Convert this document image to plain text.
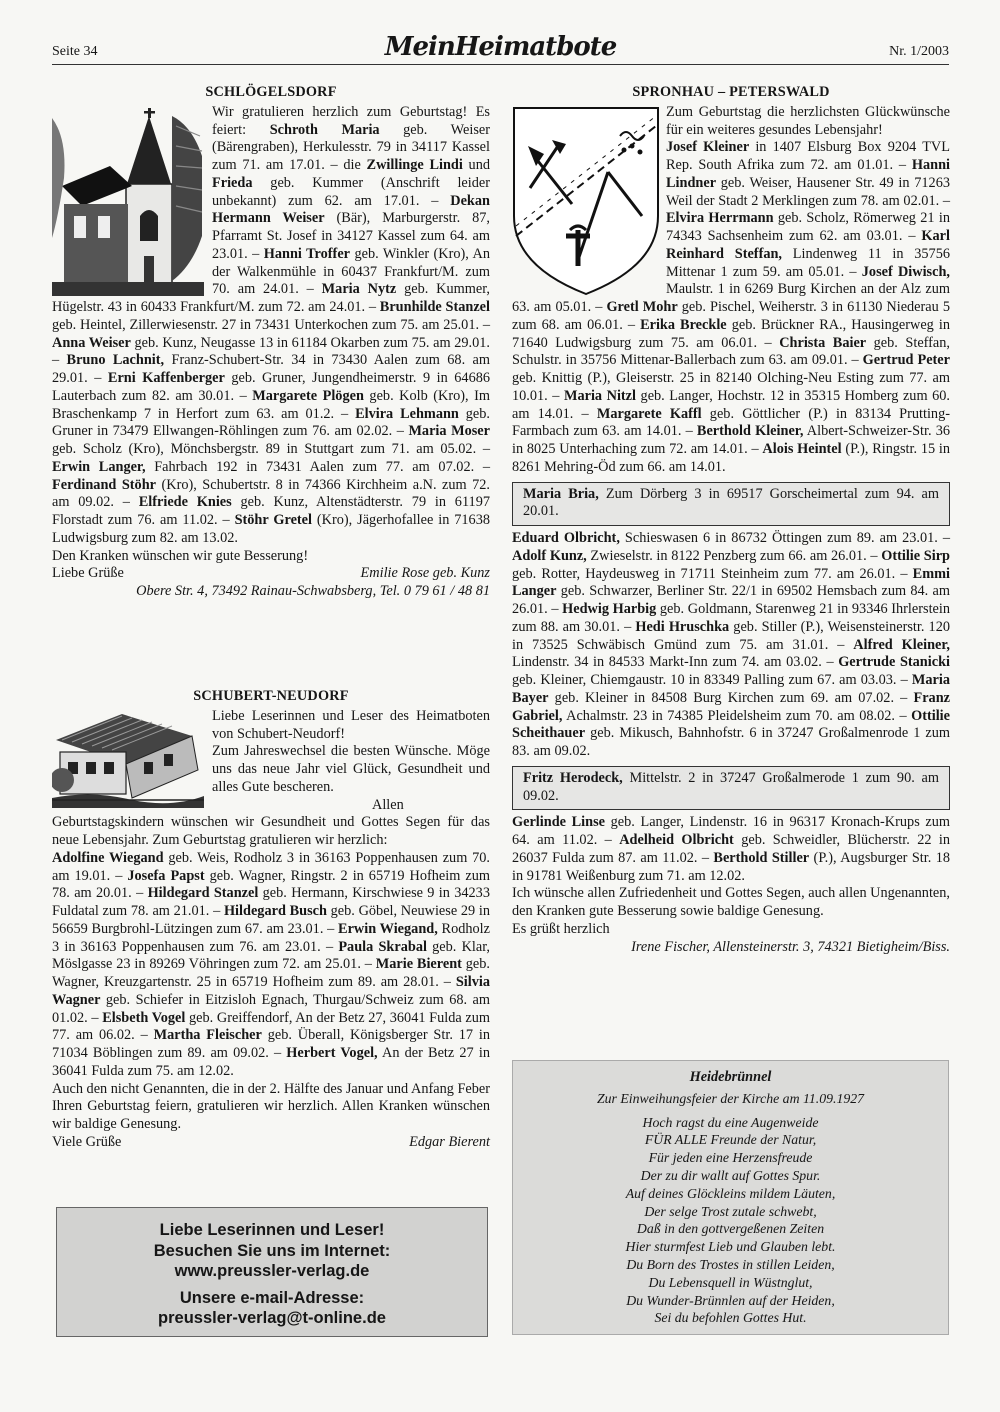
Seite 34	MeinHeimatbote	Nr. 1/2003
SCHLÖGELSDORF

Wir gratulieren herzlich zum Geburtstag! Es feiert: Schroth Maria geb. Weiser (Bärengraben), Herkulesstr. 79 in 34117 Kassel zum 71. am 17.01. – die Zwillinge Lindi und Frieda geb. Kummer (Anschrift leider unbekannt) zum 62. am 17.01. – Dekan Hermann Weiser (Bär), Marburgerstr. 87, Pfarramt St. Josef in 34127 Kassel zum 64. am 23.01. – Hanni Troffer geb. Winkler (Kro), An der Walkenmühle in 60437 Frankfurt/M. zum 70. am 24.01. – Maria Nytz geb. Kummer, Hügelstr. 43 in 60433 Frankfurt/M. zum 72. am 24.01. – Brunhilde Stanzel geb. Heintel, Zillerwiesenstr. 27 in 73431 Unterkochen zum 75. am 25.01. – Anna Weiser geb. Kunz, Neugasse 13 in 61184 Okarben zum 75. am 29.01. – Bruno Lachnit, Franz-Schubert-Str. 34 in 73430 Aalen zum 68. am 29.01. – Erni Kaffenberger geb. Gruner, Jungendheimerstr. 9 in 64686 Lauterbach zum 82. am 30.01. – Margarete Plögen geb. Kolb (Kro), Im Braschenkamp 7 in Herfort zum 63. am 01.2. – Elvira Lehmann geb. Gruner in 73479 Ellwangen-Röhlingen zum 76. am 02.02. – Maria Moser geb. Scholz (Kro), Mönchsbergstr. 89 in Stuttgart zum 71. am 05.02. – Erwin Langer, Fahrbach 192 in 73431 Aalen zum 77. am 07.02. – Ferdinand Stöhr (Kro), Schubertstr. 8 in 74366 Kirchheim a.N. zum 72. am 09.02. – Elfriede Knies geb. Kunz, Altenstädterstr. 79 in 61197 Florstadt zum 76. am 11.02. – Stöhr Gretel (Kro), Jägerhofallee in 71638 Ludwigsburg zum 82. am 13.02.

Den Kranken wünschen wir gute Besserung!

Liebe Grüße	Emilie Rose geb. Kunz
Obere Str. 4, 73492 Rainau-Schwabsberg, Tel. 0 79 61 / 48 81
SCHUBERT-NEUDORF

Liebe Leserinnen und Leser des Heimatboten von Schubert-Neudorf!

Zum Jahreswechsel die besten Wünsche. Möge uns das neue Jahr viel Glück, Gesundheit und alles Gute bescheren.

Allen Geburtstagskindern wünschen wir Gesundheit und Gottes Segen für das neue Lebensjahr. Zum Geburtstag gratulieren wir herzlich:

Adolfine Wiegand geb. Weis, Rodholz 3 in 36163 Poppenhausen zum 70. am 19.01. – Josefa Papst geb. Wagner, Ringstr. 2 in 65719 Hofheim zum 78. am 20.01. – Hildegard Stanzel geb. Hermann, Kirschwiese 9 in 34233 Fuldatal zum 78. am 21.01. – Hildegard Busch geb. Göbel, Neuwiese 29 in 56659 Burgbrohl-Lützingen zum 67. am 23.01. – Erwin Wiegand, Rodholz 3 in 36163 Poppenhausen zum 76. am 23.01. – Paula Skrabal geb. Klar, Möslgasse 23 in 89269 Vöhringen zum 72. am 25.01. – Marie Bierent geb. Wagner, Kreuzgartenstr. 25 in 65719 Hofheim zum 89. am 28.01. – Silvia Wagner geb. Schiefer in Eitzisloh Egnach, Thurgau/Schweiz zum 68. am 01.02. – Elsbeth Vogel geb. Greiffendorf, An der Betz 27, 36041 Fulda zum 77. am 06.02. – Martha Fleischer geb. Überall, Königsberger Str. 17 in 71034 Böblingen zum 89. am 09.02. – Herbert Vogel, An der Betz 27 in 36041 Fulda zum 75. am 12.02.

Auch den nicht Genannten, die in der 2. Hälfte des Januar und Anfang Feber Ihren Geburtstag feiern, gratulieren wir herzlich. Allen Kranken wünschen wir baldige Genesung.

Viele Grüße	Edgar Bierent
Liebe Leserinnen und Leser!
Besuchen Sie uns im Internet:
www.preussler-verlag.de
Unsere e-mail-Adresse:
preussler-verlag@t-online.de
SPRONHAU – PETERSWALD

Zum Geburtstag die herzlichsten Glückwünsche für ein weiteres gesundes Lebensjahr!

Josef Kleiner in 1407 Elsburg Box 9204 TVL Rep. South Afrika zum 72. am 01.01. – Hanni Lindner geb. Weiser, Hausener Str. 49 in 71263 Weil der Stadt 2 Merklingen zum 78. am 02.01. – Elvira Herrmann geb. Scholz, Römerweg 21 in 74343 Sachsenheim zum 62. am 03.01. – Karl Reinhard Steffan, Lindenweg 11 in 35756 Mittenar 1 zum 59. am 05.01. – Josef Diwisch, Maulstr. 1 in 6269 Burg Kirchen an der Alz zum 63. am 05.01. – Gretl Mohr geb. Pischel, Weiherstr. 3 in 61130 Niederau 5 zum 68. am 06.01. – Erika Breckle geb. Brückner RA., Hausingerweg in 71640 Ludwigsburg zum 75. am 06.01. – Christa Baier geb. Steffan, Schulstr. in 35756 Mittenar-Ballerbach zum 63. am 09.01. – Gertrud Peter geb. Knittig (P.), Gleiserstr. 25 in 82140 Olching-Neu Esting zum 77. am 10.01. – Maria Nitzl geb. Langer, Hochstr. 12 in 35315 Homberg zum 60. am 14.01. – Margarete Kaffl geb. Göttlicher (P.) in 83134 Prutting-Farmbach zum 63. am 14.01. – Berthold Kleiner, Albert-Schweizer-Str. 36 in 8025 Unterhaching zum 72. am 14.01. – Alois Heintel (P.), Ringstr. 15 in 8261 Mehring-Öd zum 66. am 14.01.

Maria Bria, Zum Dörberg 3 in 69517 Gorscheimertal zum 94. am 20.01.

Eduard Olbricht, Schieswasen 6 in 86732 Öttingen zum 89. am 23.01. – Adolf Kunz, Zwieselstr. in 8122 Penzberg zum 66. am 26.01. – Ottilie Sirp geb. Rotter, Haydeusweg in 71711 Steinheim zum 77. am 26.01. – Emmi Langer geb. Schwarzer, Berliner Str. 22/1 in 69502 Hemsbach zum 84. am 26.01. – Hedwig Harbig geb. Goldmann, Starenweg 21 in 93346 Ihrlerstein zum 88. am 30.01. – Hedi Hruschka geb. Stiller (P.), Weisensteinerstr. 120 in 73525 Schwäbisch Gmünd zum 75. am 31.01. – Alfred Kleiner, Lindenstr. 34 in 84533 Markt-Inn zum 74. am 03.02. – Gertrude Stanicki geb. Kleiner, Chiemgaustr. 10 in 83349 Palling zum 67. am 03.03. – Maria Bayer geb. Kleiner in 84508 Burg Kirchen zum 69. am 07.02. – Franz Gabriel, Achalmstr. 23 in 74385 Pleidelsheim zum 70. am 08.02. – Ottilie Scheithauer geb. Mikusch, Bahnhofstr. 6 in 37247 Großalmenrode 1 zum 83. am 09.02.

Fritz Herodeck, Mittelstr. 2 in 37247 Großalmerode 1 zum 90. am 09.02.

Gerlinde Linse geb. Langer, Lindenstr. 16 in 96317 Kronach-Krups zum 64. am 11.02. – Adelheid Olbricht geb. Schweidler, Blücherstr. 22 in 26037 Fulda zum 87. am 11.02. – Berthold Stiller (P.), Augsburger Str. 18 in 91781 Weißenburg zum 71. am 12.02.

Ich wünsche allen Zufriedenheit und Gottes Segen, auch allen Ungenannten, den Kranken gute Besserung sowie baldige Genesung.

Es grüßt herzlich

Irene Fischer, Allensteinerstr. 3, 74321 Bietigheim/Biss.
Heidebrünnel
Zur Einweihungsfeier der Kirche am 11.09.1927
Hoch ragst du eine Augenweide
FÜR ALLE Freunde der Natur,
Für jeden eine Herzensfreude
Der zu dir wallt auf Gottes Spur.
Auf deines Glöckleins mildem Läuten,
Der selge Trost zutale schwebt,
Daß in den gottvergeßenen Zeiten
Hier sturmfest Lieb und Glauben lebt.
Du Born des Trostes in stillen Leiden,
Du Lebensquell in Wüstnglut,
Du Wunder-Brünnlen auf der Heiden,
Sei du befohlen Gottes Hut.
